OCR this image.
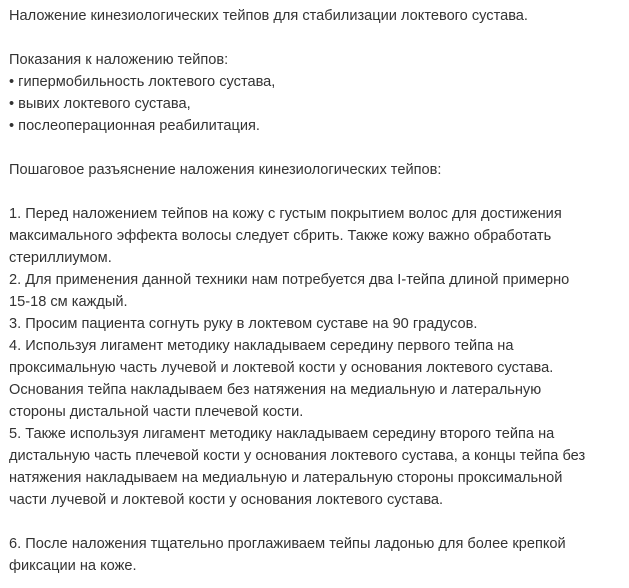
Наложение кинезиологических тейпов для стабилизации локтевого сустава.

Показания к наложению тейпов:
• гипермобильность локтевого сустава,
• вывих локтевого сустава,
• послеоперационная реабилитация.

Пошаговое разъяснение наложения кинезиологических тейпов:

1. Перед наложением тейпов на кожу с густым покрытием волос для достижения
максимального эффекта волосы следует сбрить. Также кожу важно обработать
стериллиумом.
2. Для применения данной техники нам потребуется два I-тейпа длиной примерно
15-18 см каждый.
3. Просим пациента согнуть руку в локтевом суставе на 90 градусов.
4. Используя лигамент методику накладываем середину первого тейпа на
проксимальную часть лучевой и локтевой кости у основания локтевого сустава.
Основания тейпа накладываем без натяжения на медиальную и латеральную
стороны дистальной части плечевой кости.
5. Также используя лигамент методику накладываем середину второго тейпа на
дистальную часть плечевой кости у основания локтевого сустава, а концы тейпа без
натяжения накладываем на медиальную и латеральную стороны проксимальной
части лучевой и локтевой кости у основания локтевого сустава.
6. После наложения тщательно проглаживаем тейпы ладонью для более крепкой
фиксации на коже.
